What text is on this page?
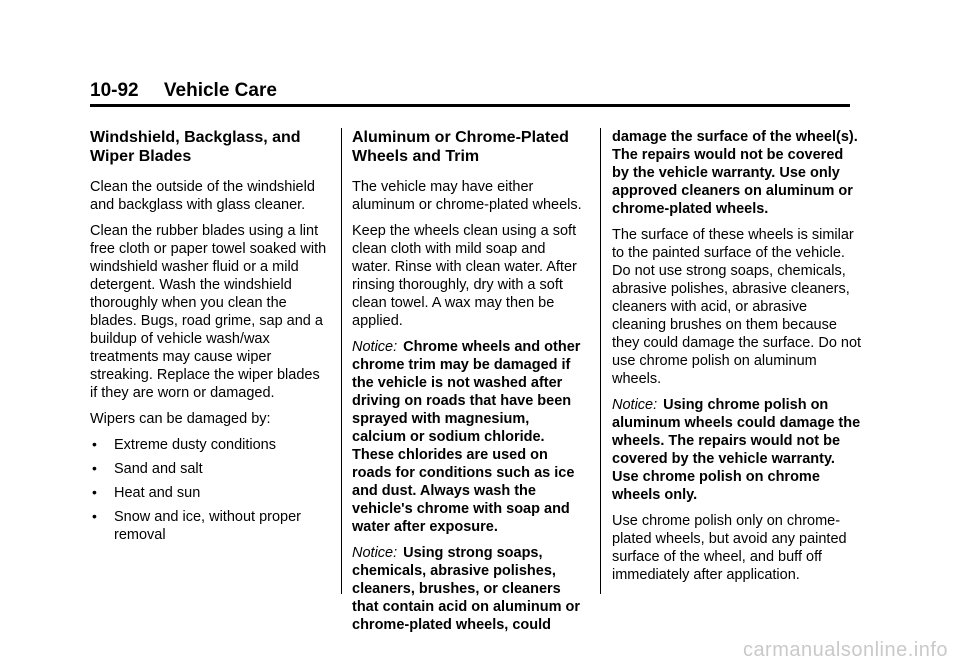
10-92 Vehicle Care
Windshield, Backglass, and Wiper Blades

Clean the outside of the windshield and backglass with glass cleaner.

Clean the rubber blades using a lint free cloth or paper towel soaked with windshield washer fluid or a mild detergent. Wash the windshield thoroughly when you clean the blades. Bugs, road grime, sap and a buildup of vehicle wash/wax treatments may cause wiper streaking. Replace the wiper blades if they are worn or damaged.

Wipers can be damaged by:

• Extreme dusty conditions
• Sand and salt
• Heat and sun
• Snow and ice, without proper removal
Aluminum or Chrome-Plated Wheels and Trim

The vehicle may have either aluminum or chrome-plated wheels.

Keep the wheels clean using a soft clean cloth with mild soap and water. Rinse with clean water. After rinsing thoroughly, dry with a soft clean towel. A wax may then be applied.

Notice: Chrome wheels and other chrome trim may be damaged if the vehicle is not washed after driving on roads that have been sprayed with magnesium, calcium or sodium chloride. These chlorides are used on roads for conditions such as ice and dust. Always wash the vehicle's chrome with soap and water after exposure.

Notice: Using strong soaps, chemicals, abrasive polishes, cleaners, brushes, or cleaners that contain acid on aluminum or chrome-plated wheels, could

damage the surface of the wheel(s). The repairs would not be covered by the vehicle warranty. Use only approved cleaners on aluminum or chrome-plated wheels.

The surface of these wheels is similar to the painted surface of the vehicle. Do not use strong soaps, chemicals, abrasive polishes, abrasive cleaners, cleaners with acid, or abrasive cleaning brushes on them because they could damage the surface. Do not use chrome polish on aluminum wheels.

Notice: Using chrome polish on aluminum wheels could damage the wheels. The repairs would not be covered by the vehicle warranty. Use chrome polish on chrome wheels only.

Use chrome polish only on chrome-plated wheels, but avoid any painted surface of the wheel, and buff off immediately after application.

carmanualsonline.info
